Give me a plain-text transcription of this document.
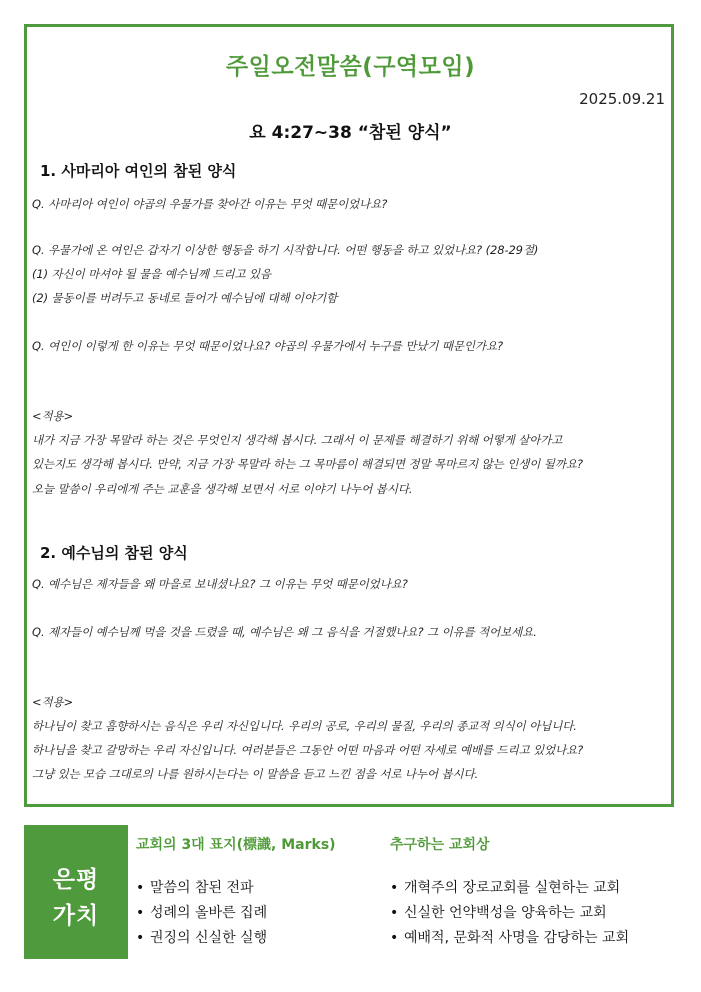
주일오전말씀(구역모임)
2025.09.21
요 4:27~38 “참된 양식”
1. 사마리아 여인의 참된 양식
Q. 사마리아 여인이 야곱의 우물가를 찾아간 이유는 무엇 때문이었나요?
Q. 우물가에 온 여인은 갑자기 이상한 행동을 하기 시작합니다. 어떤 행동을 하고 있었나요? (28-29절)
(1) 자신이 마셔야 될 물을 예수님께 드리고 있음
(2) 물동이를 버려두고 동네로 들어가 예수님에 대해 이야기함
Q. 여인이 이렇게 한 이유는 무엇 때문이었나요? 야곱의 우물가에서 누구를 만났기 때문인가요?
<적용>
내가 지금 가장 목말라 하는 것은 무엇인지 생각해 봅시다. 그래서 이 문제를 해결하기 위해 어떻게 살아가고
있는지도 생각해 봅시다. 만약, 지금 가장 목말라 하는 그 목마름이 해결되면 정말 목마르지 않는 인생이 될까요?
오늘 말씀이 우리에게 주는 교훈을 생각해 보면서 서로 이야기 나누어 봅시다.
2. 예수님의 참된 양식
Q. 예수님은 제자들을 왜 마을로 보내셨나요? 그 이유는 무엇 때문이었나요?
Q. 제자들이 예수님께 먹을 것을 드렸을 때, 예수님은 왜 그 음식을 거절했나요? 그 이유를 적어보세요.
<적용>
하나님이 찾고 흠향하시는 음식은 우리 자신입니다. 우리의 공로, 우리의 물질, 우리의 종교적 의식이 아닙니다.
하나님을 찾고 갈망하는 우리 자신입니다. 여러분들은 그동안 어떤 마음과 어떤 자세로 예배를 드리고 있었나요?
그냥 있는 모습 그대로의 나를 원하시는다는 이 말씀을 듣고 느낀 점을 서로 나누어 봅시다.
은평
가치
교회의 3대 표지(標識, Marks)
• 말씀의 참된 전파
• 성례의 올바른 집례
• 권징의 신실한 실행
추구하는 교회상
• 개혁주의 장로교회를 실현하는 교회
• 신실한 언약백성을 양육하는 교회
• 예배적, 문화적 사명을 감당하는 교회
